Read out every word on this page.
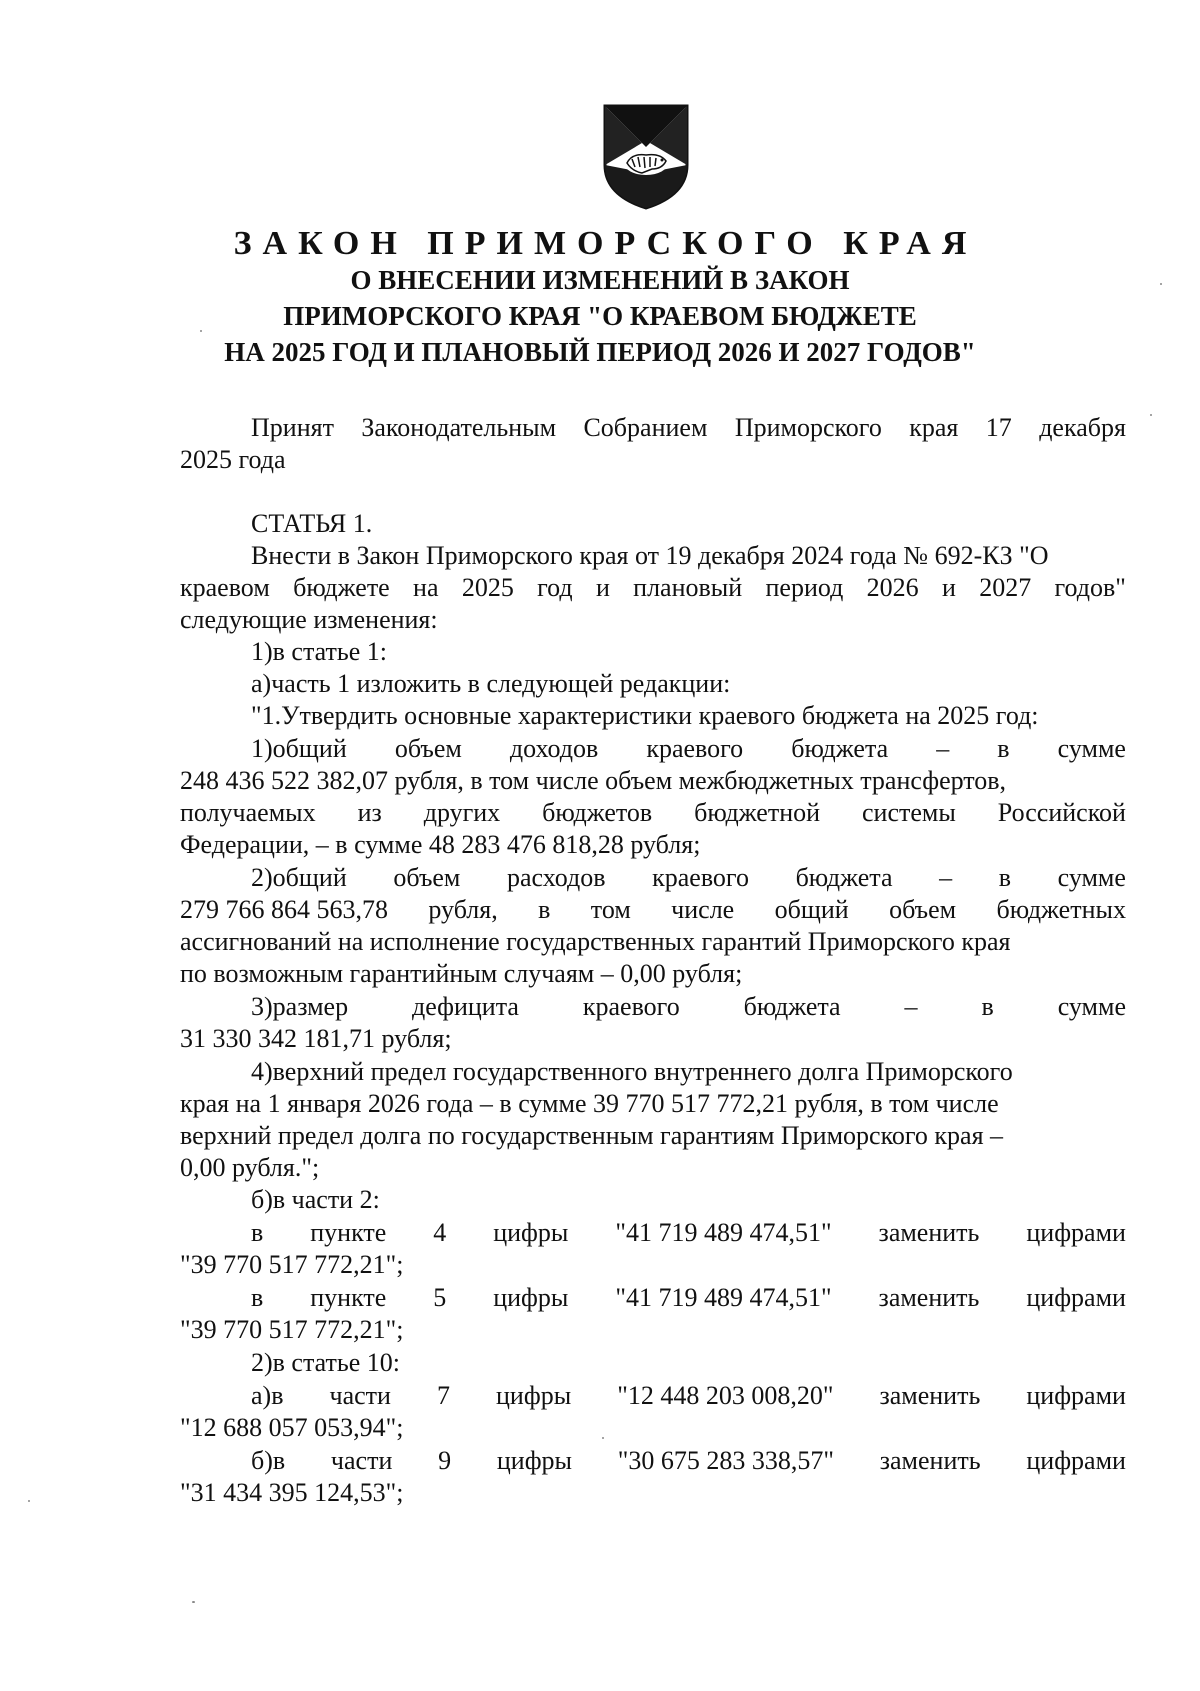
ЗАКОН ПРИМОРСКОГО КРАЯ
О ВНЕСЕНИИ ИЗМЕНЕНИЙ В ЗАКОН
ПРИМОРСКОГО КРАЯ "О КРАЕВОМ БЮДЖЕТЕ
НА 2025 ГОД И ПЛАНОВЫЙ ПЕРИОД 2026 И 2027 ГОДОВ"
Принят Законодательным Собранием Приморского края 17 декабря
2025 года
СТАТЬЯ 1.
Внести в Закон Приморского края от 19 декабря 2024 года № 692-КЗ "О
краевом бюджете на 2025 год и плановый период 2026 и 2027 годов"
следующие изменения:
1)в статье 1:
а)часть 1 изложить в следующей редакции:
"1.Утвердить основные характеристики краевого бюджета на 2025 год:
1)общий объем доходов краевого бюджета – в сумме
248 436 522 382,07 рубля, в том числе объем межбюджетных трансфертов,
получаемых из других бюджетов бюджетной системы Российской
Федерации, – в сумме 48 283 476 818,28 рубля;
2)общий объем расходов краевого бюджета – в сумме
279 766 864 563,78 рубля, в том числе общий объем бюджетных
ассигнований на исполнение государственных гарантий Приморского края
по возможным гарантийным случаям – 0,00 рубля;
3)размер дефицита краевого бюджета – в сумме
31 330 342 181,71 рубля;
4)верхний предел государственного внутреннего долга Приморского
края на 1 января 2026 года – в сумме 39 770 517 772,21 рубля, в том числе
верхний предел долга по государственным гарантиям Приморского края –
0,00 рубля.";
б)в части 2:
в пункте 4 цифры "41 719 489 474,51" заменить цифрами
"39 770 517 772,21";
в пункте 5 цифры "41 719 489 474,51" заменить цифрами
"39 770 517 772,21";
2)в статье 10:
а)в части 7 цифры "12 448 203 008,20" заменить цифрами
"12 688 057 053,94";
б)в части 9 цифры "30 675 283 338,57" заменить цифрами
"31 434 395 124,53";
